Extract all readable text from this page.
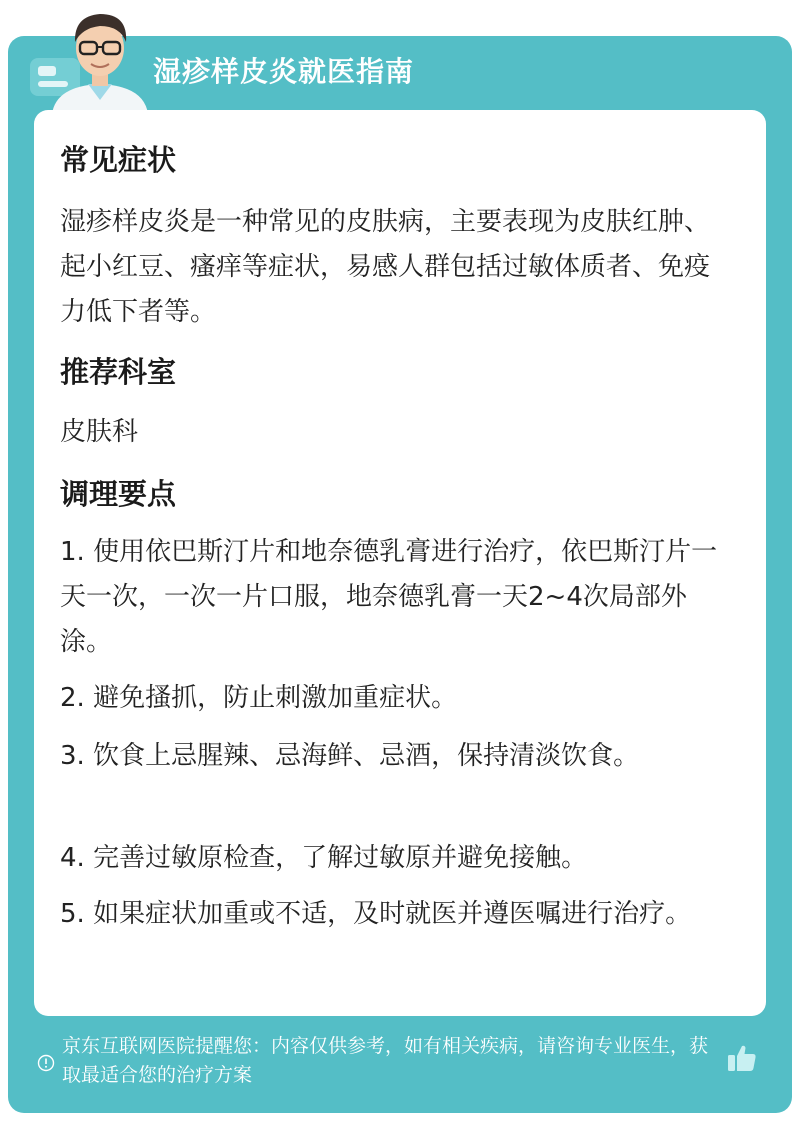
湿疹样皮炎就医指南
常见症状

湿疹样皮炎是一种常见的皮肤病，主要表现为皮肤红肿、起小红豆、瘙痒等症状，易感人群包括过敏体质者、免疫力低下者等。

推荐科室

皮肤科

调理要点

1. 使用依巴斯汀片和地奈德乳膏进行治疗，依巴斯汀片一天一次，一次一片口服，地奈德乳膏一天2~4次局部外涂。

2. 避免搔抓，防止刺激加重症状。

3. 饮食上忌腥辣、忌海鲜、忌酒，保持清淡饮食。

4. 完善过敏原检查，了解过敏原并避免接触。

5. 如果症状加重或不适，及时就医并遵医嘱进行治疗。

京东互联网医院提醒您：内容仅供参考，如有相关疾病，请咨询专业医生，获取最适合您的治疗方案
